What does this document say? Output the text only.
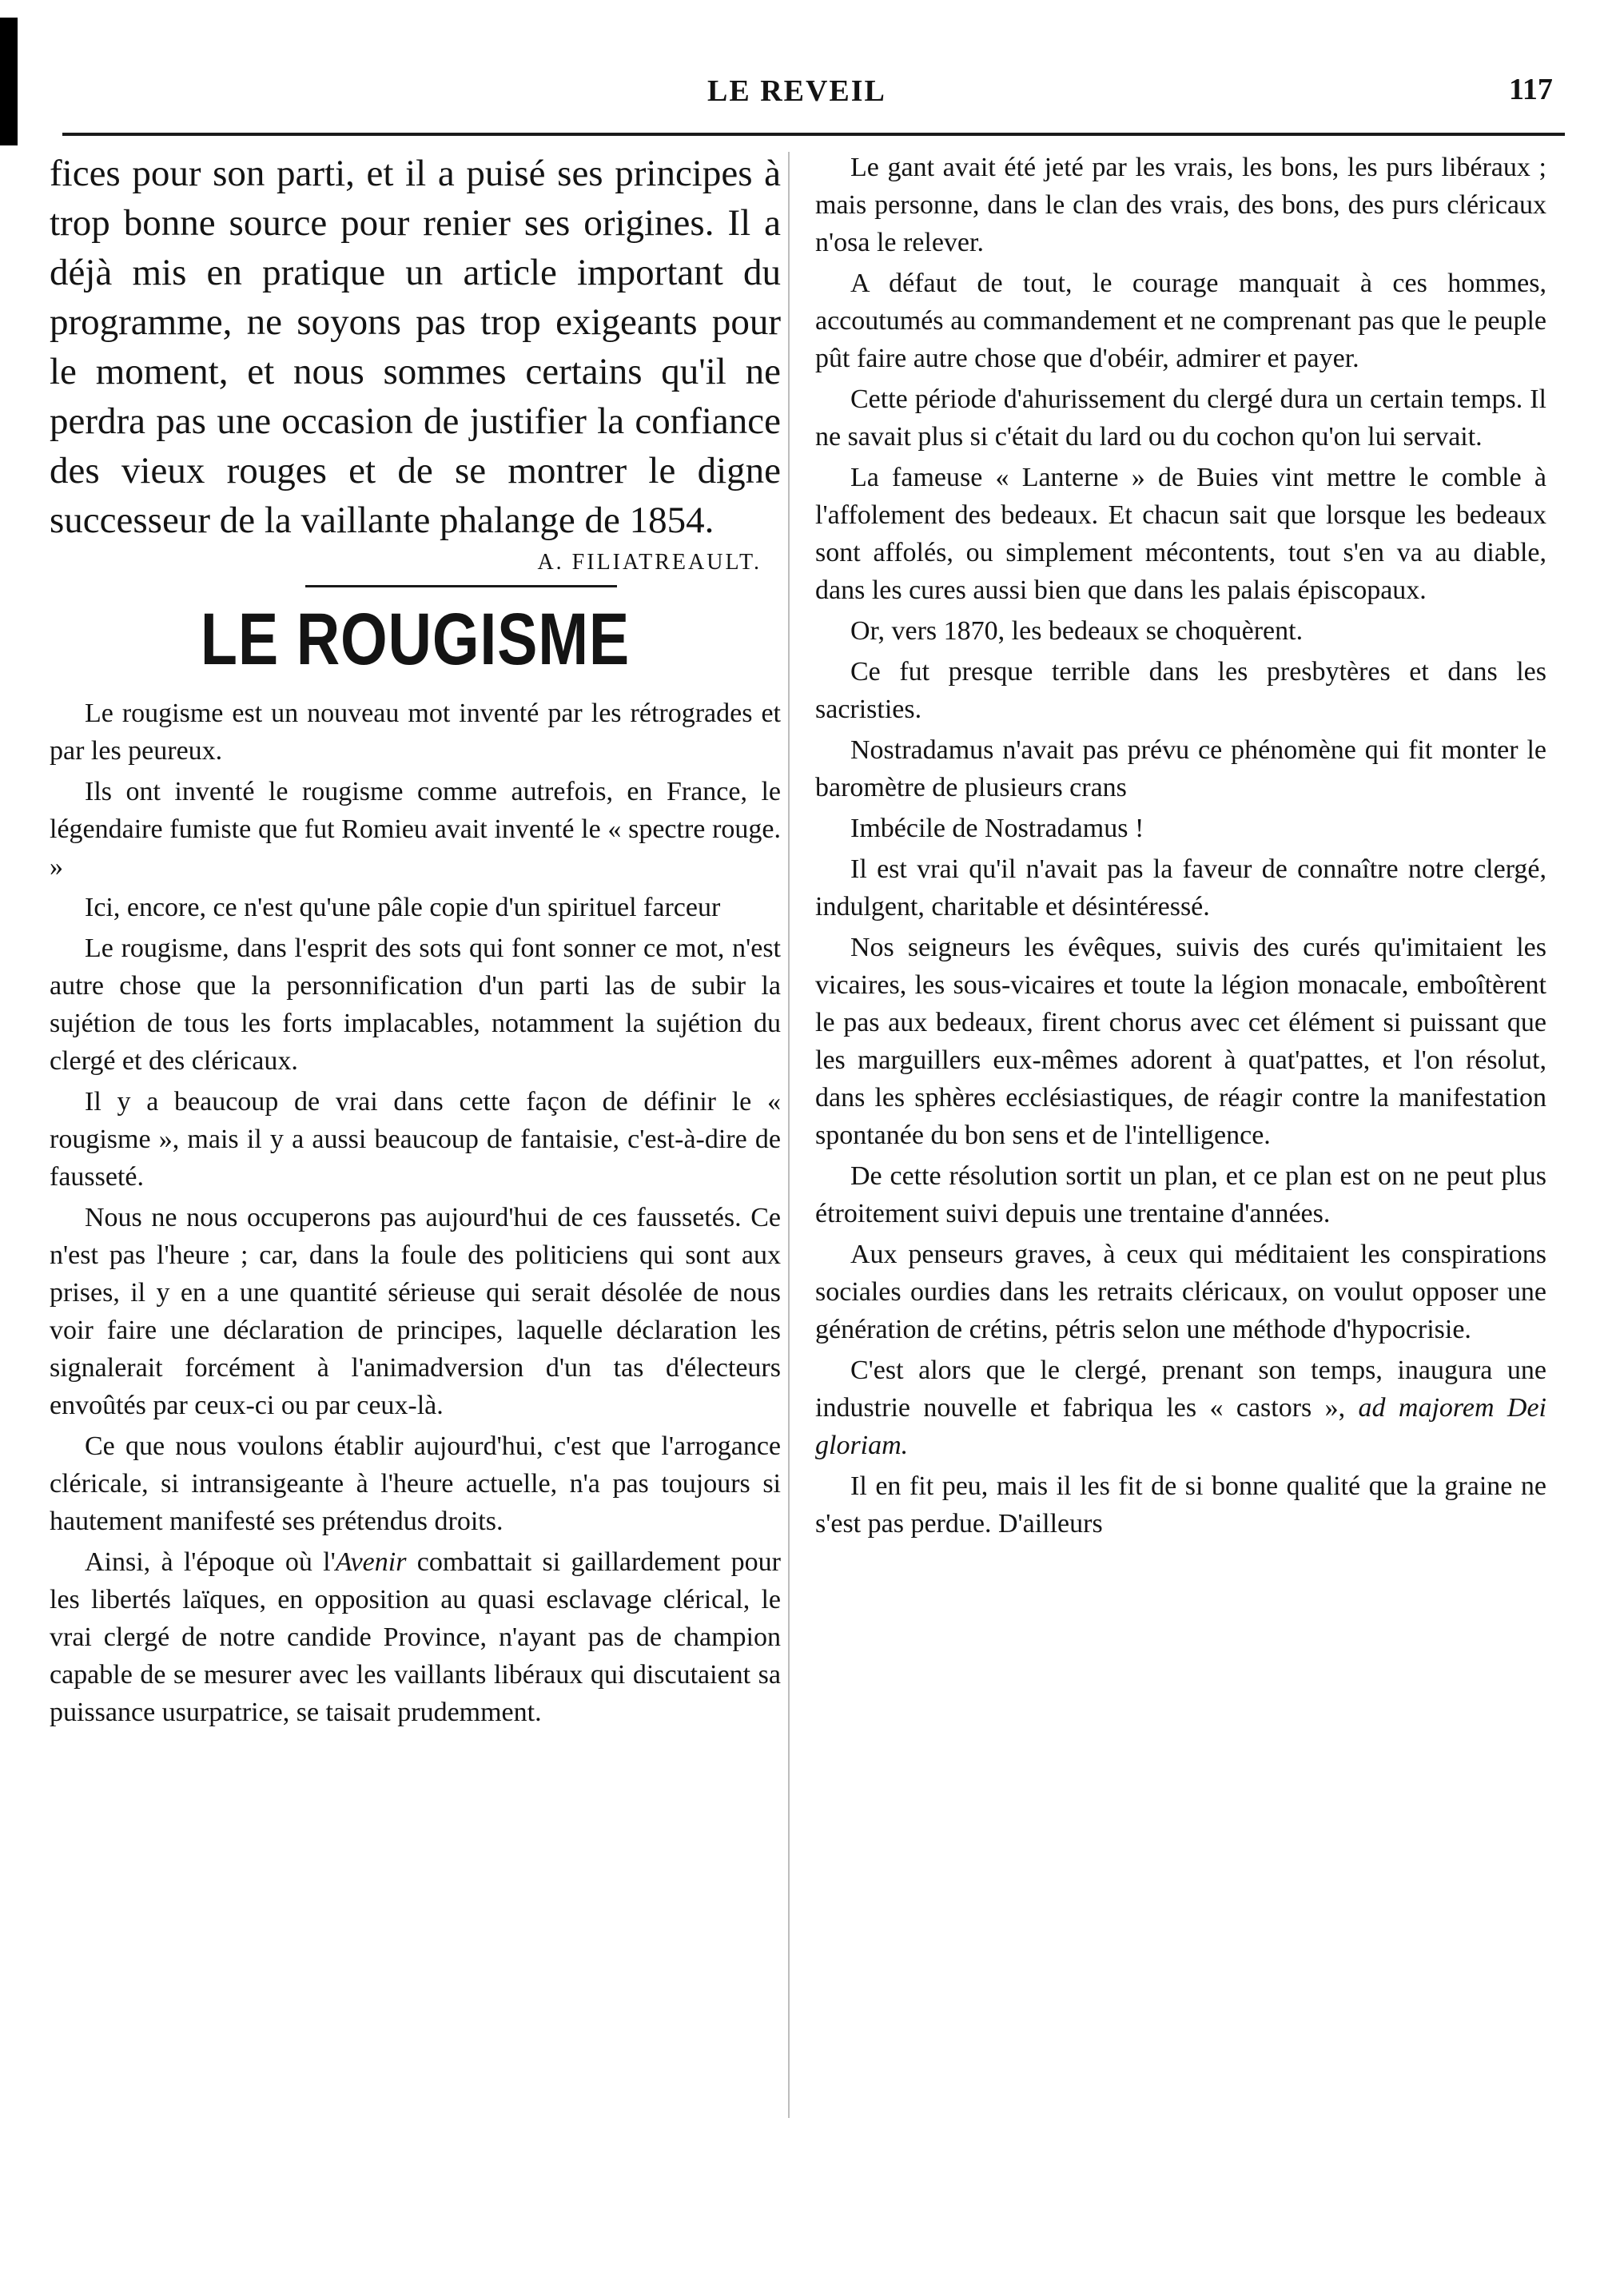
LE REVEIL	117

fices pour son parti, et il a puisé ses principes à trop bonne source pour renier ses origines. Il a déjà mis en pratique un article important du programme, ne soyons pas trop exigeants pour le moment, et nous sommes certains qu'il ne perdra pas une occasion de justifier la confiance des vieux rouges et de se montrer le digne successeur de la vaillante phalange de 1854.

A. FILIATREAULT.
LE ROUGISME

Le rougisme est un nouveau mot inventé par les rétrogrades et par les peureux.

Ils ont inventé le rougisme comme autrefois, en France, le légendaire fumiste que fut Romieu avait inventé le « spectre rouge. »

Ici, encore, ce n'est qu'une pâle copie d'un spirituel farceur

Le rougisme, dans l'esprit des sots qui font sonner ce mot, n'est autre chose que la personnification d'un parti las de subir la sujétion de tous les forts implacables, notamment la sujétion du clergé et des cléricaux.

Il y a beaucoup de vrai dans cette façon de définir le « rougisme », mais il y a aussi beaucoup de fantaisie, c'est-à-dire de fausseté.

Nous ne nous occuperons pas aujourd'hui de ces faussetés. Ce n'est pas l'heure ; car, dans la foule des politiciens qui sont aux prises, il y en a une quantité sérieuse qui serait désolée de nous voir faire une déclaration de principes, laquelle déclaration les signalerait forcément à l'animadversion d'un tas d'électeurs envoûtés par ceux-ci ou par ceux-là.

Ce que nous voulons établir aujourd'hui, c'est que l'arrogance cléricale, si intransigeante à l'heure actuelle, n'a pas toujours si hautement manifesté ses prétendus droits.

Ainsi, à l'époque où l'Avenir combattait si gaillardement pour les libertés laïques, en opposition au quasi esclavage clérical, le vrai clergé de notre candide Province, n'ayant pas de champion capable de se mesurer avec les vaillants libéraux qui discutaient sa puissance usurpatrice, se taisait prudemment.

Le gant avait été jeté par les vrais, les bons, les purs libéraux ; mais personne, dans le clan des vrais, des bons, des purs cléricaux n'osa le relever.

A défaut de tout, le courage manquait à ces hommes, accoutumés au commandement et ne comprenant pas que le peuple pût faire autre chose que d'obéir, admirer et payer.

Cette période d'ahurissement du clergé dura un certain temps. Il ne savait plus si c'était du lard ou du cochon qu'on lui servait.

La fameuse « Lanterne » de Buies vint mettre le comble à l'affolement des bedeaux. Et chacun sait que lorsque les bedeaux sont affolés, ou simplement mécontents, tout s'en va au diable, dans les cures aussi bien que dans les palais épiscopaux.

Or, vers 1870, les bedeaux se choquèrent.

Ce fut presque terrible dans les presbytères et dans les sacristies.

Nostradamus n'avait pas prévu ce phénomène qui fit monter le baromètre de plusieurs crans

Imbécile de Nostradamus !

Il est vrai qu'il n'avait pas la faveur de connaître notre clergé, indulgent, charitable et désintéressé.

Nos seigneurs les évêques, suivis des curés qu'imitaient les vicaires, les sous-vicaires et toute la légion monacale, emboîtèrent le pas aux bedeaux, firent chorus avec cet élément si puissant que les marguillers eux-mêmes adorent à quat'pattes, et l'on résolut, dans les sphères ecclésiastiques, de réagir contre la manifestation spontanée du bon sens et de l'intelligence.

De cette résolution sortit un plan, et ce plan est on ne peut plus étroitement suivi depuis une trentaine d'années.

Aux penseurs graves, à ceux qui méditaient les conspirations sociales ourdies dans les retraits cléricaux, on voulut opposer une génération de crétins, pétris selon une méthode d'hypocrisie.

C'est alors que le clergé, prenant son temps, inaugura une industrie nouvelle et fabriqua les « castors », ad majorem Dei gloriam.

Il en fit peu, mais il les fit de si bonne qualité que la graine ne s'est pas perdue. D'ailleurs
